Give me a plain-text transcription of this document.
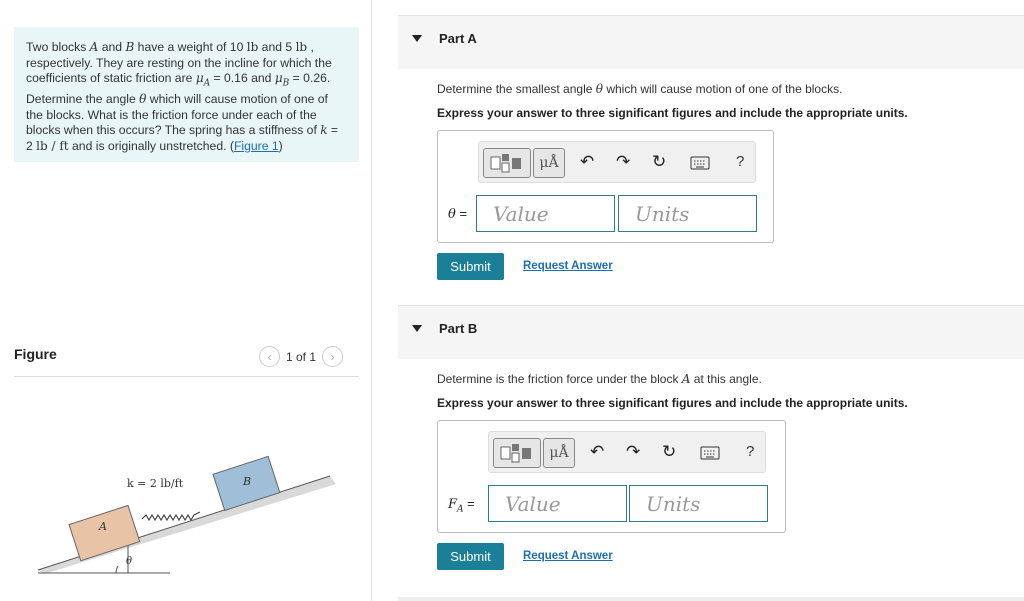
Two blocks A and B have a weight of 10 lb and 5 lb , respectively. They are resting on the incline for which the coefficients of static friction are $\mu_A = 0.16$ and $\mu_B = 0.26$. Determine the angle θ which will cause motion of one of the blocks. What is the friction force under each of the blocks when this occurs? The spring has a stiffness of k = 2 lb / ft and is originally unstretched. (Figure 1)

Figure	‹	1 of 1	›
θ
A
k = 2 lb/ft	B
Part A
Determine the smallest angle θ which will cause motion of one of the blocks.
Express your answer to three significant figures and include the appropriate units.
μÅ	↶ ↷ ↻	?
θ =	Value	Units
Submit	Request Answer
Part B
Determine is the friction force under the block A at this angle.
Express your answer to three significant figures and include the appropriate units.
μÅ	↶ ↷ ↻	?
$F_A$ =	Value	Units
Submit	Request Answer
